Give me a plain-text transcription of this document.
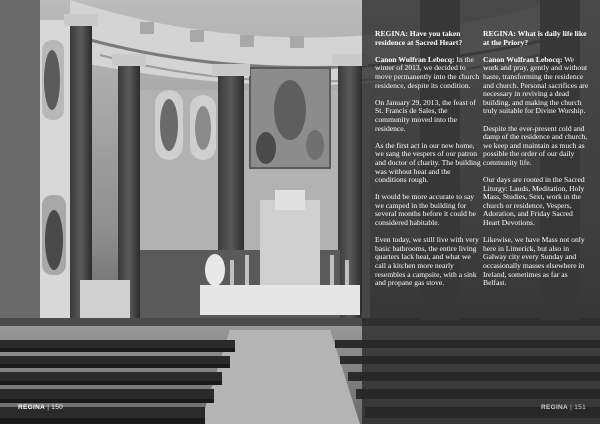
REGINA: Have you taken residence at Sacred Heart?

Canon Wulfran Lebocq: In the winter of 2013, we decided to move permanently into the church residence, despite its condition.

On January 29, 2013, the feast of St. Francis de Sales, the community moved into the residence.

As the first act in our new home, we sang the vespers of our patron and doctor of charity. The building was without heat and the conditions rough.

It would be more accurate to say we camped in the building for several months before it could be considered habitable.

Even today, we still live with very basic bathrooms, the entire living quarters lack heat, and what we call a kitchen more nearly resembles a campsite, with a sink and propane gas stove.

REGINA: What is daily life like at the Priory?

Canon Wulfran Lebocq: We work and pray, gently and without haste, transforming the residence and church. Personal sacrifices are necessary in reviving a dead building, and making the church truly suitable for Divine Worship.

Despite the ever-present cold and damp of the residence and church, we keep and maintain as much as possible the order of our daily community life.

Our days are rooted in the Sacred Liturgy: Lauds, Meditation, Holy Mass, Studies, Sext, work in the church or residence, Vespers, Adoration, and Friday Sacred Heart Devotions.

Likewise, we have Mass not only here in Limerick, but also in Galway city every Sunday and occasionally masses elsewhere in Ireland, sometimes as far as Belfast.

REGINA | 150	REGINA | 151
